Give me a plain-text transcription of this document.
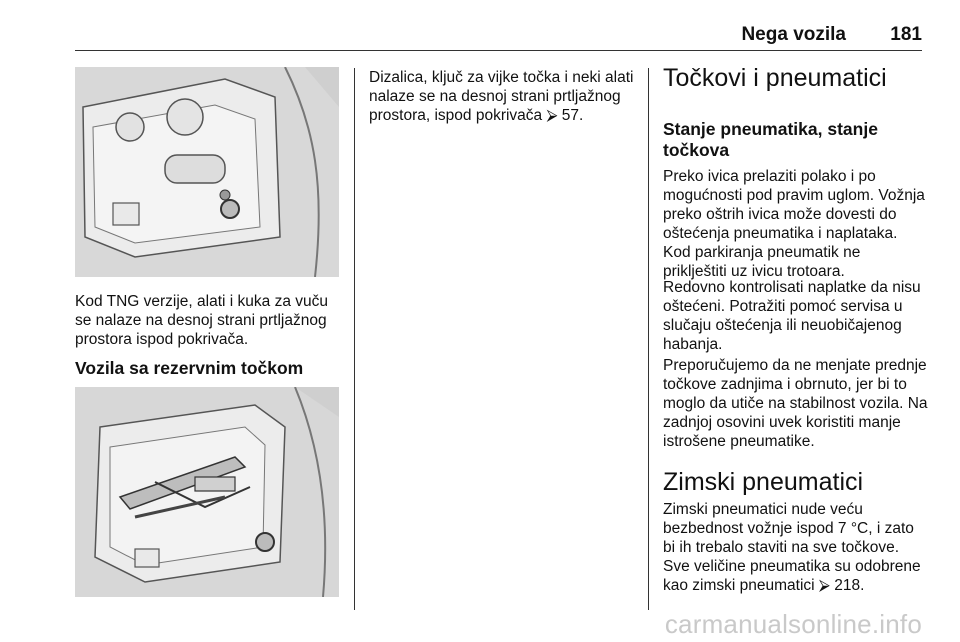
Nega vozila 181
Kod TNG verzije, alati i kuka za vuču se nalaze na desnoj strani prtljažnog prostora ispod pokrivača.
Vozila sa rezervnim točkom
Dizalica, ključ za vijke točka i neki alati nalaze se na desnoj strani prtljažnog prostora, ispod pokrivača ⮚ 57.
Točkovi i pneumatici
Stanje pneumatika, stanje točkova
Preko ivica prelaziti polako i po mogućnosti pod pravim uglom. Vožnja preko oštrih ivica može dovesti do oštećenja pneumatika i naplataka. Kod parkiranja pneumatik ne priklještiti uz ivicu trotoara.
Redovno kontrolisati naplatke da nisu oštećeni. Potražiti pomoć servisa u slučaju oštećenja ili neuobičajenog habanja.
Preporučujemo da ne menjate prednje točkove zadnjima i obrnuto, jer bi to moglo da utiče na stabilnost vozila. Na zadnjoj osovini uvek koristiti manje istrošene pneumatike.
Zimski pneumatici
Zimski pneumatici nude veću bezbednost vožnje ispod 7 °C, i zato bi ih trebalo staviti na sve točkove.
Sve veličine pneumatika su odobrene kao zimski pneumatici ⮚ 218.
carmanualsonline.info
